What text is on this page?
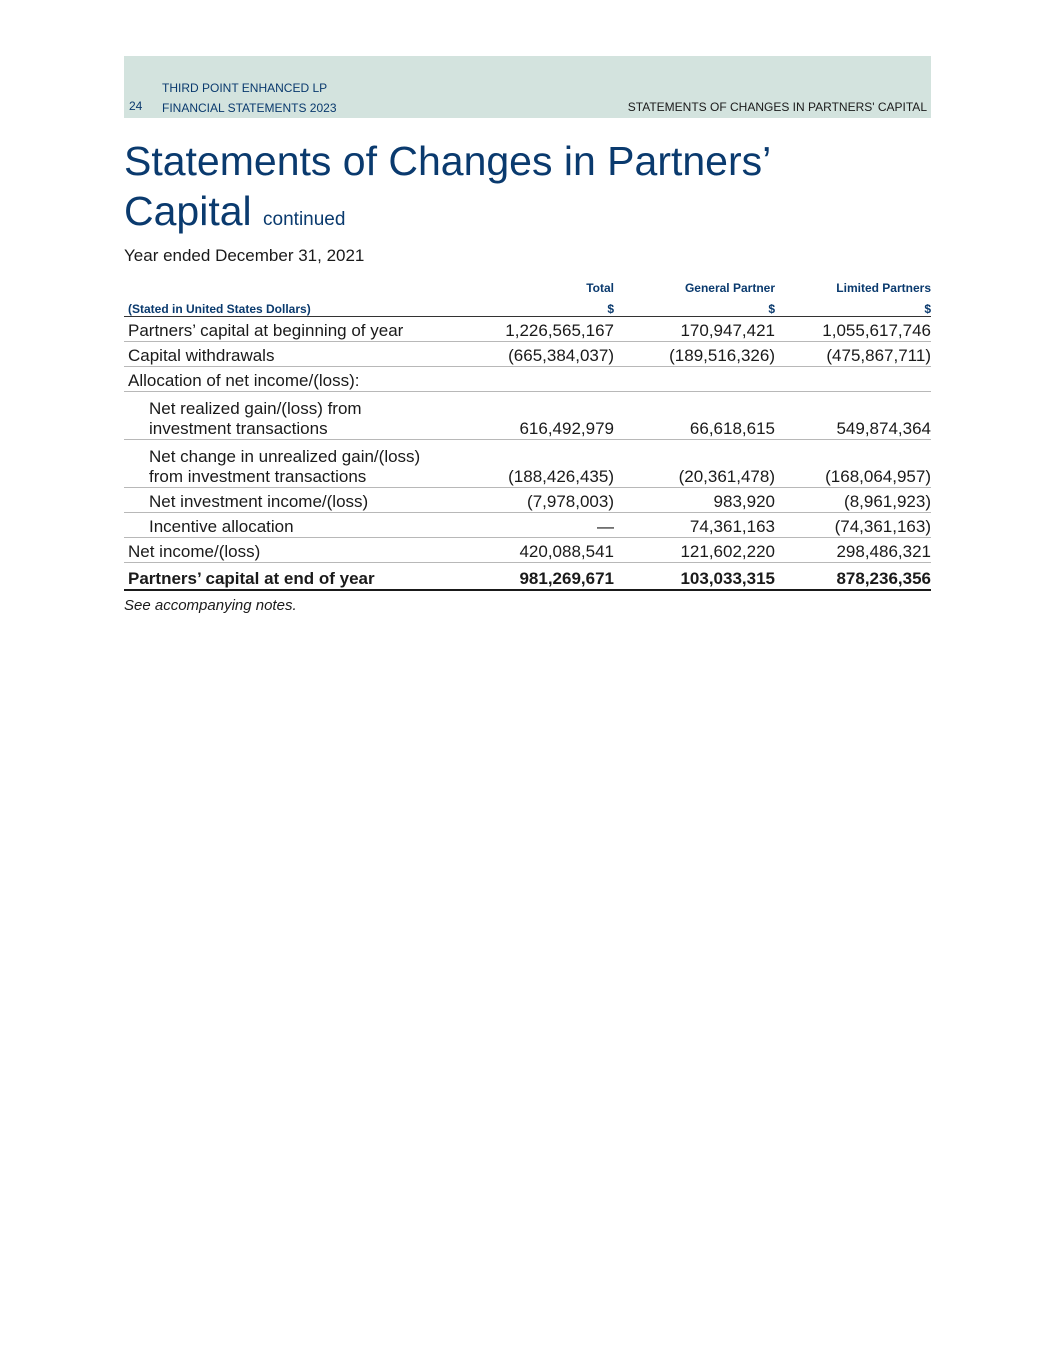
24
THIRD POINT ENHANCED LP
FINANCIAL STATEMENTS 2023	STATEMENTS OF CHANGES IN PARTNERS' CAPITAL
Statements of Changes in Partners’ Capital continued
Year ended December 31, 2021
	Total	General Partner	Limited Partners
(Stated in United States Dollars)	$	$	$
Partners’ capital at beginning of year	1,226,565,167	170,947,421	1,055,617,746
Capital withdrawals	(665,384,037)	(189,516,326)	(475,867,711)
Allocation of net income/(loss):			
Net realized gain/(loss) from
investment transactions	616,492,979	66,618,615	549,874,364
Net change in unrealized gain/(loss)
from investment transactions	(188,426,435)	(20,361,478)	(168,064,957)
Net investment income/(loss)	(7,978,003)	983,920	(8,961,923)
Incentive allocation	—	74,361,163	(74,361,163)
Net income/(loss)	420,088,541	121,602,220	298,486,321
Partners’ capital at end of year	981,269,671	103,033,315	878,236,356
See accompanying notes.
